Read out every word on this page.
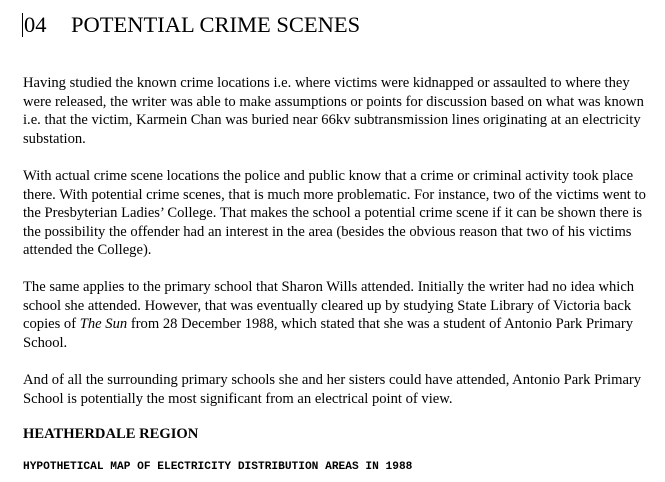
04 POTENTIAL CRIME SCENES

Having studied the known crime locations i.e. where victims were kidnapped or assaulted to where they were released, the writer was able to make assumptions or points for discussion based on what was known i.e. that the victim, Karmein Chan was buried near 66kv subtransmission lines originating at an electricity substation.

With actual crime scene locations the police and public know that a crime or criminal activity took place there. With potential crime scenes, that is much more problematic. For instance, two of the victims went to the Presbyterian Ladies’ College. That makes the school a potential crime scene if it can be shown there is the possibility the offender had an interest in the area (besides the obvious reason that two of his victims attended the College).

The same applies to the primary school that Sharon Wills attended. Initially the writer had no idea which school she attended. However, that was eventually cleared up by studying State Library of Victoria back copies of The Sun from 28 December 1988, which stated that she was a student of Antonio Park Primary School.

And of all the surrounding primary schools she and her sisters could have attended, Antonio Park Primary School is potentially the most significant from an electrical point of view.

HEATHERDALE REGION

HYPOTHETICAL MAP OF ELECTRICITY DISTRIBUTION AREAS IN 1988
